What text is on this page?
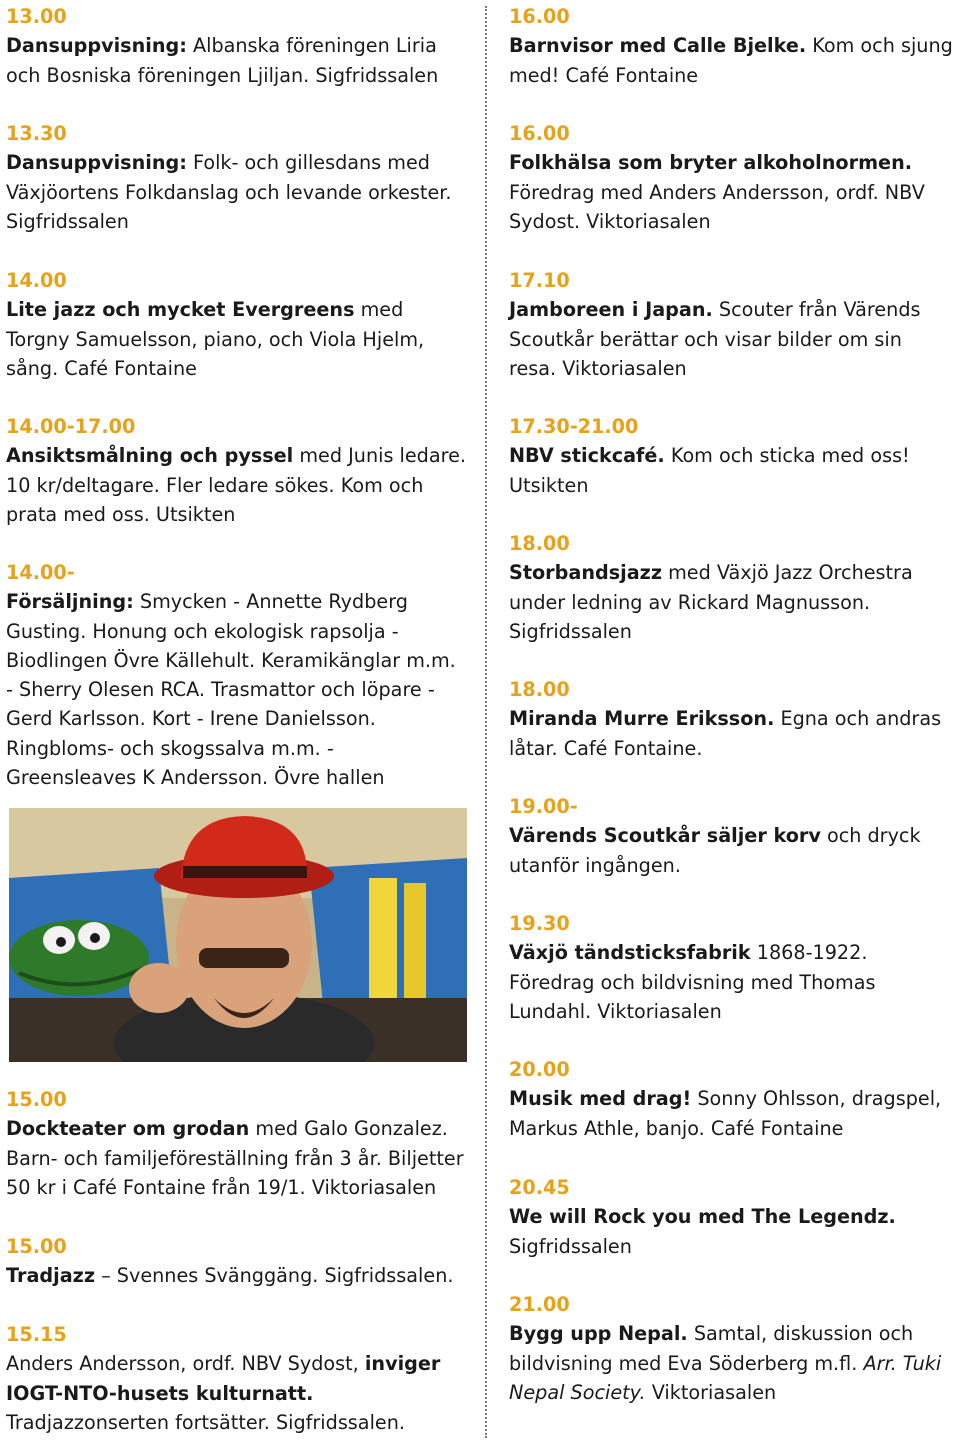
13.00
Dansuppvisning: Albanska föreningen Liria och Bosniska föreningen Ljiljan. Sigfridssalen
13.30
Dansuppvisning: Folk- och gillesdans med Växjöortens Folkdanslag och levande orkester. Sigfridssalen
14.00
Lite jazz och mycket Evergreens med Torgny Samuelsson, piano, och Viola Hjelm, sång. Café Fontaine
14.00-17.00
Ansiktsmålning och pyssel med Junis ledare. 10 kr/deltagare. Fler ledare sökes. Kom och prata med oss. Utsikten
14.00-
Försäljning: Smycken - Annette Rydberg Gusting. Honung och ekologisk rapsolja - Biodlingen Övre Källehult. Keramikänglar m.m. - Sherry Olesen RCA. Trasmattor och löpare - Gerd Karlsson. Kort - Irene Danielsson. Ringbloms- och skogssalva m.m. - Greensleaves K Andersson. Övre hallen
15.00
Dockteater om grodan med Galo Gonzalez. Barn- och familjeföreställning från 3 år. Biljetter 50 kr i Café Fontaine från 19/1. Viktoriasalen
15.00
Tradjazz – Svennes Svänggäng. Sigfridssalen.
15.15
Anders Andersson, ordf. NBV Sydost, inviger IOGT-NTO-husets kulturnatt. Tradjazzonserten fortsätter. Sigfridssalen.
16.00
Barnvisor med Calle Bjelke. Kom och sjung med! Café Fontaine
16.00
Folkhälsa som bryter alkoholnormen. Föredrag med Anders Andersson, ordf. NBV Sydost. Viktoriasalen
17.10
Jamboreen i Japan. Scouter från Värends Scoutkår berättar och visar bilder om sin resa. Viktoriasalen
17.30-21.00
NBV stickcafé. Kom och sticka med oss! Utsikten
18.00
Storbandsjazz med Växjö Jazz Orchestra under ledning av Rickard Magnusson. Sigfridssalen
18.00
Miranda Murre Eriksson. Egna och andras låtar. Café Fontaine.
19.00-
Värends Scoutkår säljer korv och dryck utanför ingången.
19.30
Växjö tändsticksfabrik 1868-1922. Föredrag och bildvisning med Thomas Lundahl. Viktoriasalen
20.00
Musik med drag! Sonny Ohlsson, dragspel, Markus Athle, banjo. Café Fontaine
20.45
We will Rock you med The Legendz. Sigfridssalen
21.00
Bygg upp Nepal. Samtal, diskussion och bildvisning med Eva Söderberg m.fl. Arr. Tuki Nepal Society. Viktoriasalen
